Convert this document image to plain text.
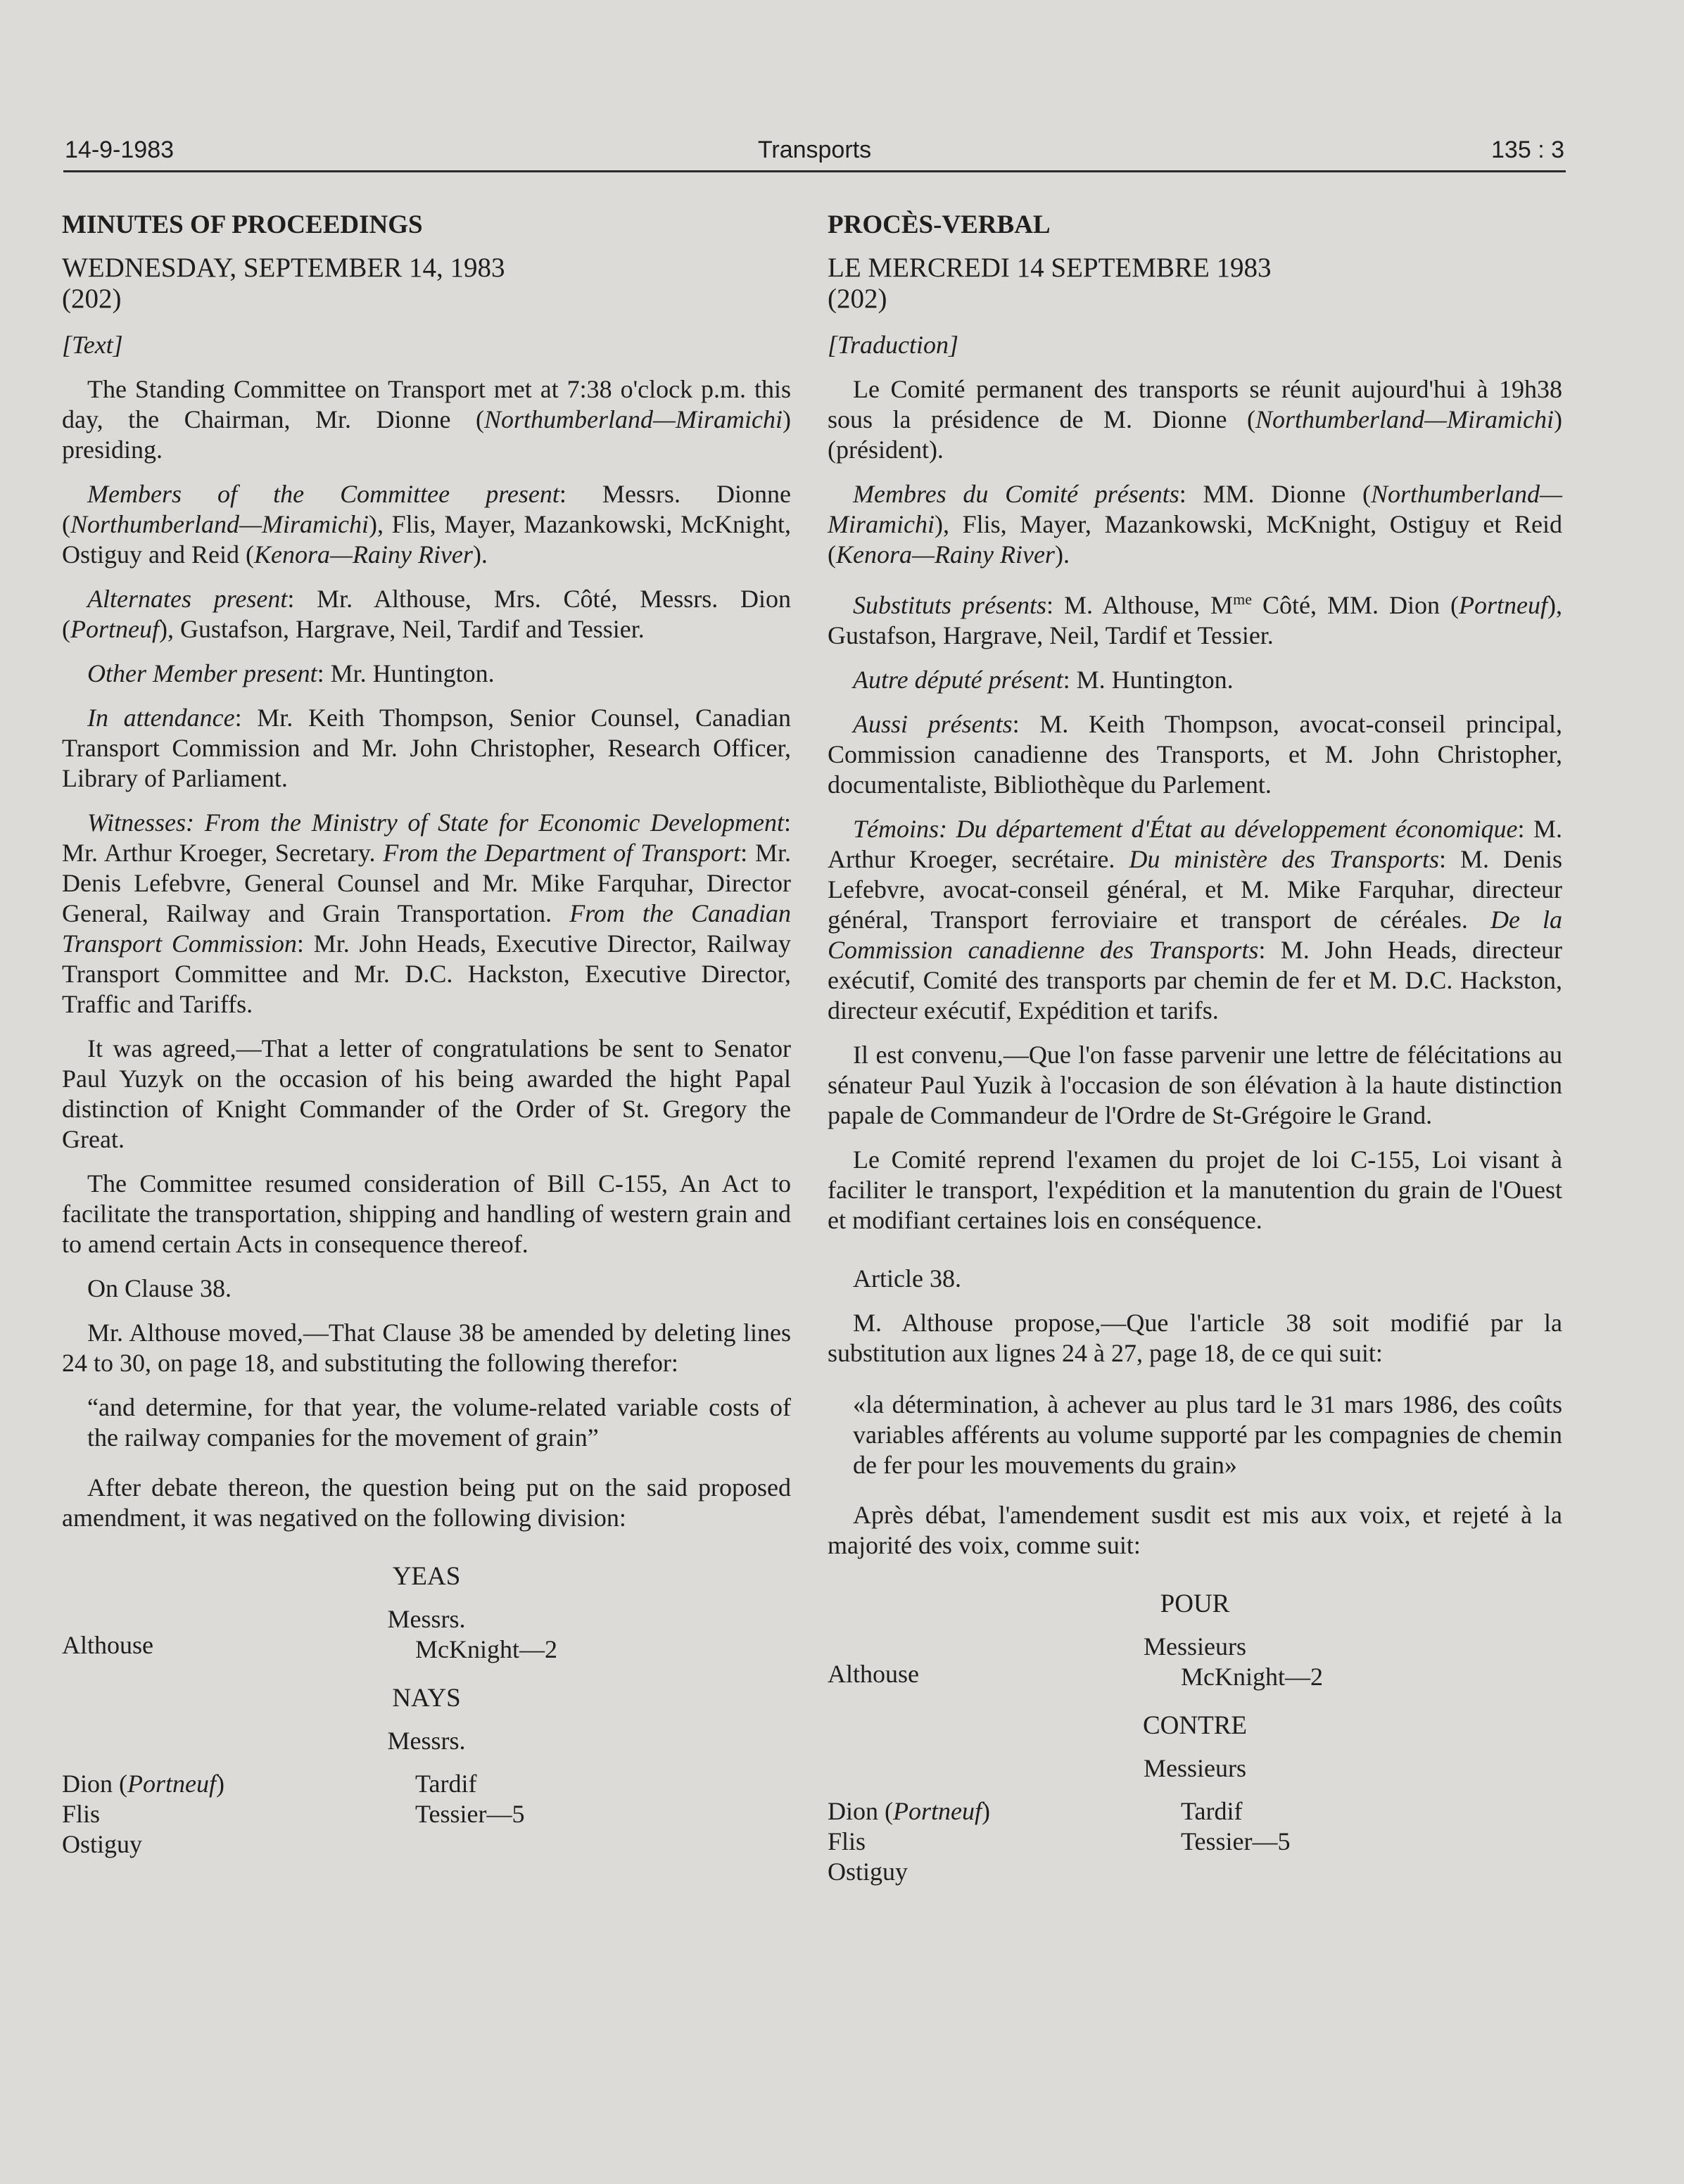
14-9-1983	Transports	135 : 3
MINUTES OF PROCEEDINGS
WEDNESDAY, SEPTEMBER 14, 1983
(202)
[Text]

The Standing Committee on Transport met at 7:38 o'clock p.m. this day, the Chairman, Mr. Dionne (Northumberland—Miramichi) presiding.

Members of the Committee present: Messrs. Dionne (Northumberland—Miramichi), Flis, Mayer, Mazankowski, McKnight, Ostiguy and Reid (Kenora—Rainy River).

Alternates present: Mr. Althouse, Mrs. Côté, Messrs. Dion (Portneuf), Gustafson, Hargrave, Neil, Tardif and Tessier.

Other Member present: Mr. Huntington.

In attendance: Mr. Keith Thompson, Senior Counsel, Canadian Transport Commission and Mr. John Christopher, Research Officer, Library of Parliament.

Witnesses: From the Ministry of State for Economic Development: Mr. Arthur Kroeger, Secretary. From the Department of Transport: Mr. Denis Lefebvre, General Counsel and Mr. Mike Farquhar, Director General, Railway and Grain Transportation. From the Canadian Transport Commission: Mr. John Heads, Executive Director, Railway Transport Committee and Mr. D.C. Hackston, Executive Director, Traffic and Tariffs.

It was agreed,—That a letter of congratulations be sent to Senator Paul Yuzyk on the occasion of his being awarded the hight Papal distinction of Knight Commander of the Order of St. Gregory the Great.

The Committee resumed consideration of Bill C-155, An Act to facilitate the transportation, shipping and handling of western grain and to amend certain Acts in consequence thereof.

On Clause 38.

Mr. Althouse moved,—That Clause 38 be amended by deleting lines 24 to 30, on page 18, and substituting the following therefor:

“and determine, for that year, the volume-related variable costs of the railway companies for the movement of grain”

After debate thereon, the question being put on the said proposed amendment, it was negatived on the following division:

YEAS

Messrs.

Althouse	McKnight—2

NAYS

Messrs.

Dion (Portneuf)	Tardif
Flis	Tessier—5
Ostiguy
PROCÈS-VERBAL
LE MERCREDI 14 SEPTEMBRE 1983
(202)
[Traduction]

Le Comité permanent des transports se réunit aujourd'hui à 19h38 sous la présidence de M. Dionne (Northumberland—Miramichi) (président).

Membres du Comité présents: MM. Dionne (Northumberland—Miramichi), Flis, Mayer, Mazankowski, McKnight, Ostiguy et Reid (Kenora—Rainy River).

Substituts présents: M. Althouse, $M^{me}$ Côté, MM. Dion (Portneuf), Gustafson, Hargrave, Neil, Tardif et Tessier.

Autre député présent: M. Huntington.

Aussi présents: M. Keith Thompson, avocat-conseil principal, Commission canadienne des Transports, et M. John Christopher, documentaliste, Bibliothèque du Parlement.

Témoins: Du département d'État au développement économique: M. Arthur Kroeger, secrétaire. Du ministère des Transports: M. Denis Lefebvre, avocat-conseil général, et M. Mike Farquhar, directeur général, Transport ferroviaire et transport de céréales. De la Commission canadienne des Transports: M. John Heads, directeur exécutif, Comité des transports par chemin de fer et M. D.C. Hackston, directeur exécutif, Expédition et tarifs.

Il est convenu,—Que l'on fasse parvenir une lettre de félécitations au sénateur Paul Yuzik à l'occasion de son élévation à la haute distinction papale de Commandeur de l'Ordre de St-Grégoire le Grand.

Le Comité reprend l'examen du projet de loi C-155, Loi visant à faciliter le transport, l'expédition et la manutention du grain de l'Ouest et modifiant certaines lois en conséquence.

Article 38.

M. Althouse propose,—Que l'article 38 soit modifié par la substitution aux lignes 24 à 27, page 18, de ce qui suit:

«la détermination, à achever au plus tard le 31 mars 1986, des coûts variables afférents au volume supporté par les compagnies de chemin de fer pour les mouvements du grain»

Après débat, l'amendement susdit est mis aux voix, et rejeté à la majorité des voix, comme suit:

POUR

Messieurs

Althouse	McKnight—2

CONTRE

Messieurs

Dion (Portneuf)	Tardif
Flis	Tessier—5
Ostiguy
